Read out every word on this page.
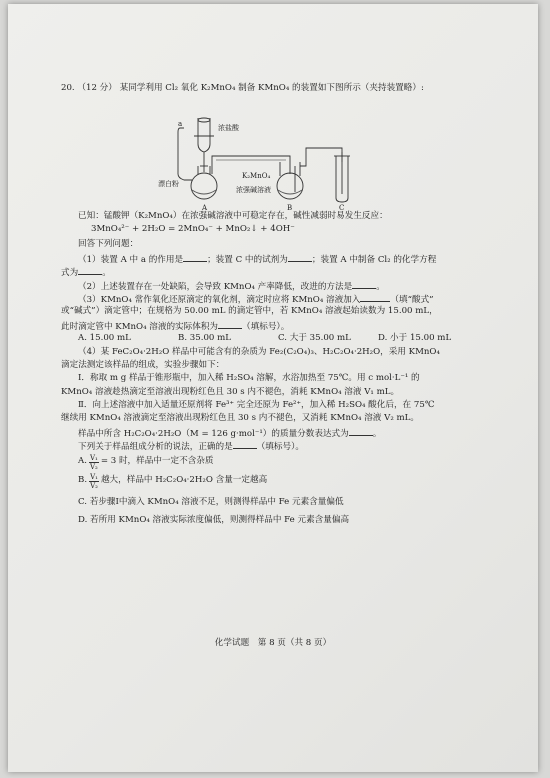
20. （12 分） 某同学利用 Cl₂ 氧化 K₂MnO₄ 制备 KMnO₄ 的装置如下图所示（夹持装置略）:
a	浓盐酸
漂白粉
K₂MnO₄
浓强碱溶液
A	B	C
已知：锰酸钾（K₂MnO₄）在浓强碱溶液中可稳定存在，碱性减弱时易发生反应：
3MnO₄²⁻ + 2H₂O = 2MnO₄⁻ + MnO₂↓ + 4OH⁻
回答下列问题：
（1）装置 A 中 a 的作用是	；装置 C 中的试剂为	；装置 A 中制备 Cl₂ 的化学方程
式为	。
（2）上述装置存在一处缺陷，会导致 KMnO₄ 产率降低，改进的方法是	。
（3）KMnO₄ 常作氧化还原滴定的氧化剂，滴定时应将 KMnO₄ 溶液加入	（填“酸式”
或“碱式”）滴定管中；在规格为 50.00 mL 的滴定管中，若 KMnO₄ 溶液起始读数为 15.00 mL，
此时滴定管中 KMnO₄ 溶液的实际体积为	（填标号）。
A. 15.00 mL	B. 35.00 mL	C. 大于 35.00 mL	D. 小于 15.00 mL
（4）某 FeC₂O₄·2H₂O 样品中可能含有的杂质为 Fe₂(C₂O₄)₃、H₂C₂O₄·2H₂O，采用 KMnO₄
滴定法测定该样品的组成，实验步骤如下：
Ⅰ．称取 m g 样品于锥形瓶中，加入稀 H₂SO₄ 溶解，水浴加热至 75℃。用 c mol·L⁻¹ 的
KMnO₄ 溶液趁热滴定至溶液出现粉红色且 30 s 内不褪色，消耗 KMnO₄ 溶液 V₁ mL。
Ⅱ．向上述溶液中加入适量还原剂将 Fe³⁺ 完全还原为 Fe²⁺，加入稀 H₂SO₄ 酸化后，在 75℃
继续用 KMnO₄ 溶液滴定至溶液出现粉红色且 30 s 内不褪色，又消耗 KMnO₄ 溶液 V₂ mL。
样品中所含 H₂C₂O₄·2H₂O（M = 126 g·mol⁻¹）的质量分数表达式为	。
下列关于样品组成分析的说法，正确的是	（填标号）。
A. $\frac{\text{V₁}}{\text{V₂}} = 3$ 时，样品中一定不含杂质
B. $\frac{\text{V₁}}{\text{V₂}}$ 越大，样品中 H₂C₂O₄·2H₂O 含量一定越高
C. 若步骤Ⅰ中滴入 KMnO₄ 溶液不足，则测得样品中 Fe 元素含量偏低
D. 若所用 KMnO₄ 溶液实际浓度偏低，则测得样品中 Fe 元素含量偏高
化学试题　第 8 页（共 8 页）
